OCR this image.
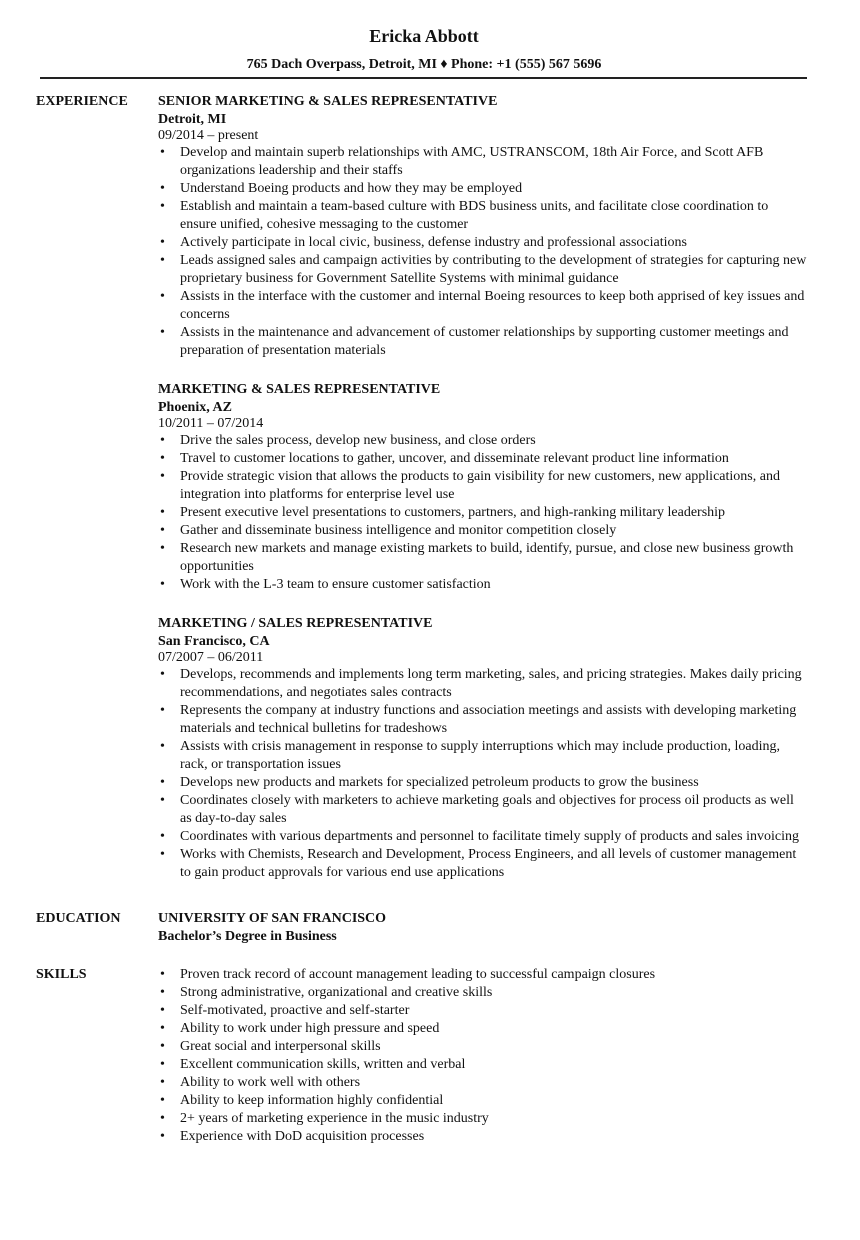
Ericka Abbott
765 Dach Overpass, Detroit, MI ♦ Phone: +1 (555) 567 5696
EXPERIENCE	SENIOR MARKETING & SALES REPRESENTATIVE
Detroit, MI
09/2014 – present
• Develop and maintain superb relationships with AMC, USTRANSCOM, 18th Air Force, and Scott AFB organizations leadership and their staffs
• Understand Boeing products and how they may be employed
• Establish and maintain a team-based culture with BDS business units, and facilitate close coordination to ensure unified, cohesive messaging to the customer
• Actively participate in local civic, business, defense industry and professional associations
• Leads assigned sales and campaign activities by contributing to the development of strategies for capturing new proprietary business for Government Satellite Systems with minimal guidance
• Assists in the interface with the customer and internal Boeing resources to keep both apprised of key issues and concerns
• Assists in the maintenance and advancement of customer relationships by supporting customer meetings and preparation of presentation materials
MARKETING & SALES REPRESENTATIVE
Phoenix, AZ
10/2011 – 07/2014
• Drive the sales process, develop new business, and close orders
• Travel to customer locations to gather, uncover, and disseminate relevant product line information
• Provide strategic vision that allows the products to gain visibility for new customers, new applications, and integration into platforms for enterprise level use
• Present executive level presentations to customers, partners, and high-ranking military leadership
• Gather and disseminate business intelligence and monitor competition closely
• Research new markets and manage existing markets to build, identify, pursue, and close new business growth opportunities
• Work with the L-3 team to ensure customer satisfaction
MARKETING / SALES REPRESENTATIVE
San Francisco, CA
07/2007 – 06/2011
• Develops, recommends and implements long term marketing, sales, and pricing strategies. Makes daily pricing recommendations, and negotiates sales contracts
• Represents the company at industry functions and association meetings and assists with developing marketing materials and technical bulletins for tradeshows
• Assists with crisis management in response to supply interruptions which may include production, loading, rack, or transportation issues
• Develops new products and markets for specialized petroleum products to grow the business
• Coordinates closely with marketers to achieve marketing goals and objectives for process oil products as well as day-to-day sales
• Coordinates with various departments and personnel to facilitate timely supply of products and sales invoicing
• Works with Chemists, Research and Development, Process Engineers, and all levels of customer management to gain product approvals for various end use applications
EDUCATION	UNIVERSITY OF SAN FRANCISCO
Bachelor’s Degree in Business
SKILLS
•	Proven track record of account management leading to successful campaign closures
• Strong administrative, organizational and creative skills
• Self-motivated, proactive and self-starter
• Ability to work under high pressure and speed
• Great social and interpersonal skills
• Excellent communication skills, written and verbal
• Ability to work well with others
• Ability to keep information highly confidential
• 2+ years of marketing experience in the music industry
• Experience with DoD acquisition processes
